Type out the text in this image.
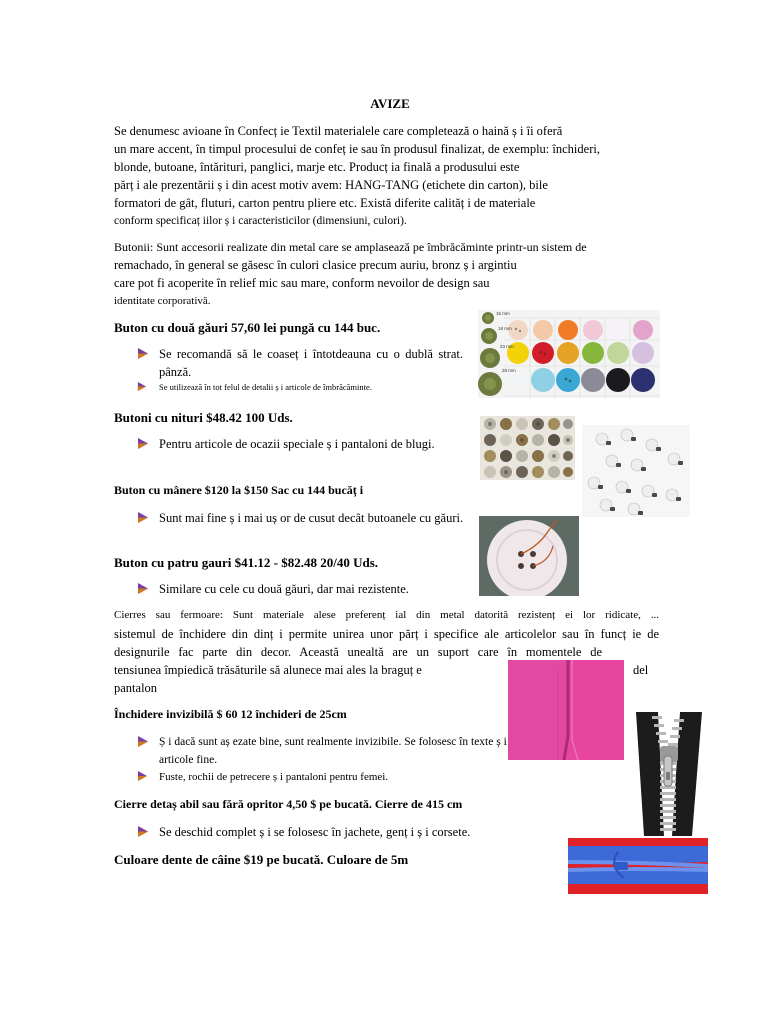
AVIZE
Se denumesc avioane în Confecț ie Textil materialele care completează o haină ș i îi oferă
un mare accent, în timpul procesului de confeț ie sau în produsul finalizat, de exemplu: închideri,
blonde, butoane, întărituri, panglici, marje etc. Producț ia finală a produsului este
părț i ale prezentării ș i din acest motiv avem: HANG-TANG (etichete din carton), bile
formatori de gât, fluturi, carton pentru pliere etc. Există diferite calităț i de materiale
conform specificaț iilor ș i caracteristicilor (dimensiuni, culori).
Butonii: Sunt accesorii realizate din metal care se amplasează pe îmbrăcăminte printr-un sistem de
remachado, în general se găsesc în culori clasice precum auriu, bronz ș i argintiu
care pot fi acoperite în relief mic sau mare, conform nevoilor de design sau
identitate corporativă.
Buton cu două găuri 57,60 lei pungă cu 144 buc.
Se recomandă să le coaseț i întotdeauna cu o dublă strat. pânză.
Se utilizează în tot felul de detalii ș i articole de îmbrăcăminte.
Butoni cu nituri $48.42 100 Uds.
Pentru articole de ocazii speciale ș i pantaloni de blugi.
Buton cu mânere $120 la $150 Sac cu 144 bucăț i
Sunt mai fine ș i mai uș or de cusut decât butoanele cu găuri.
Buton cu patru gauri $41.12 - $82.48 20/40 Uds.
Similare cu cele cu două găuri, dar mai rezistente.
Cierres sau fermoare: Sunt materiale alese preferenț ial din metal datorită rezistenț ei lor ridicate, ...
sistemul de închidere din dinț i permite unirea unor părț i specifice ale articolelor sau în funcț ie de
designurile fac parte din decor. Această unealtă are un suport care în momentele de
tensiunea împiedică trăsăturile să alunece mai ales la braguț e	del
pantalon
Închidere invizibilă $ 60 12 închideri de 25cm
Ș i dacă sunt aș ezate bine, sunt realmente invizibile. Se folosesc în texte ș i articole fine.
Fuste, rochii de petrecere ș i pantaloni pentru femei.
Cierre detaș abil sau fără opritor 4,50 $ pe bucată. Cierre de 415 cm
Se deschid complet ș i se folosesc în jachete, genț i ș i corsete.
Culoare dente de câine $19 pe bucată. Culoare de 5m
15 mm
18 mm
23 mm
28 mm
